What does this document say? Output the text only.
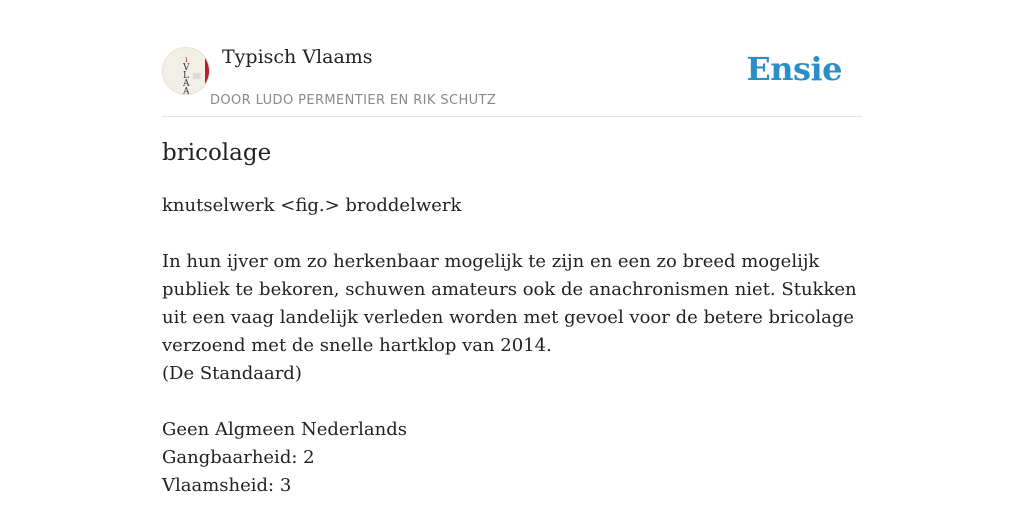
ı
V
L
A
A
Typisch Vlaams
DOOR LUDO PERMENTIER EN RIK SCHUTZ
Ensie
bricolage

knutselwerk <fig.> broddelwerk

In hun ijver om zo herkenbaar mogelijk te zijn en een zo breed mogelijk publiek te bekoren, schuwen amateurs ook de anachronismen niet. Stukken uit een vaag landelijk verleden worden met gevoel voor de betere bricolage verzoend met de snelle hartklop van 2014.

(De Standaard)

Geen Algmeen Nederlands

Gangbaarheid: 2

Vlaamsheid: 3
